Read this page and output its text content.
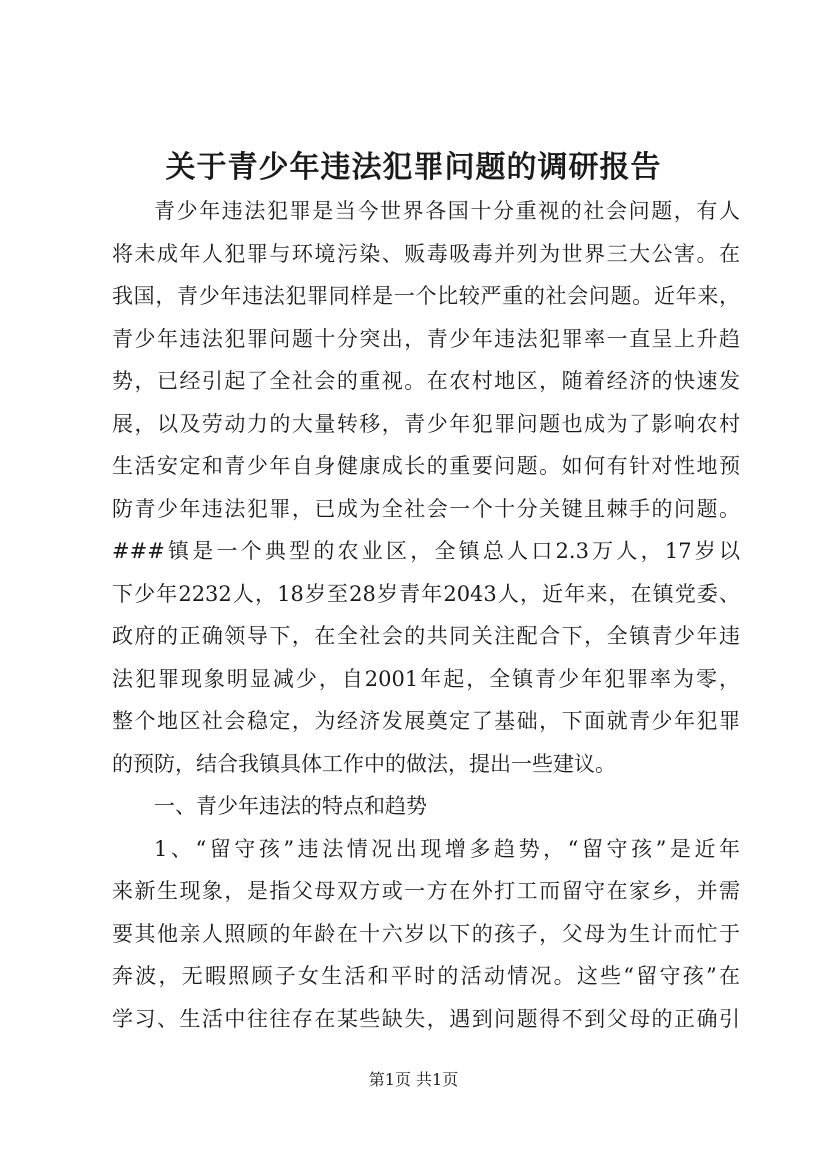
关于青少年违法犯罪问题的调研报告
青少年违法犯罪是当今世界各国十分重视的社会问题，有人
将未成年人犯罪与环境污染、贩毒吸毒并列为世界三大公害。在
我国，青少年违法犯罪同样是一个比较严重的社会问题。近年来，
青少年违法犯罪问题十分突出，青少年违法犯罪率一直呈上升趋
势，已经引起了全社会的重视。在农村地区，随着经济的快速发
展，以及劳动力的大量转移，青少年犯罪问题也成为了影响农村
生活安定和青少年自身健康成长的重要问题。如何有针对性地预
防青少年违法犯罪，已成为全社会一个十分关键且棘手的问题。
###镇是一个典型的农业区，全镇总人口2.3万人，17岁以
下少年2232人，18岁至28岁青年2043人，近年来，在镇党委、
政府的正确领导下，在全社会的共同关注配合下，全镇青少年违
法犯罪现象明显减少，自2001年起，全镇青少年犯罪率为零，
整个地区社会稳定，为经济发展奠定了基础，下面就青少年犯罪
的预防，结合我镇具体工作中的做法，提出一些建议。
一、青少年违法的特点和趋势
1、“留守孩”违法情况出现增多趋势，“留守孩”是近年
来新生现象，是指父母双方或一方在外打工而留守在家乡，并需
要其他亲人照顾的年龄在十六岁以下的孩子，父母为生计而忙于
奔波，无暇照顾子女生活和平时的活动情况。这些“留守孩”在
学习、生活中往往存在某些缺失，遇到问题得不到父母的正确引
第1页 共1页
